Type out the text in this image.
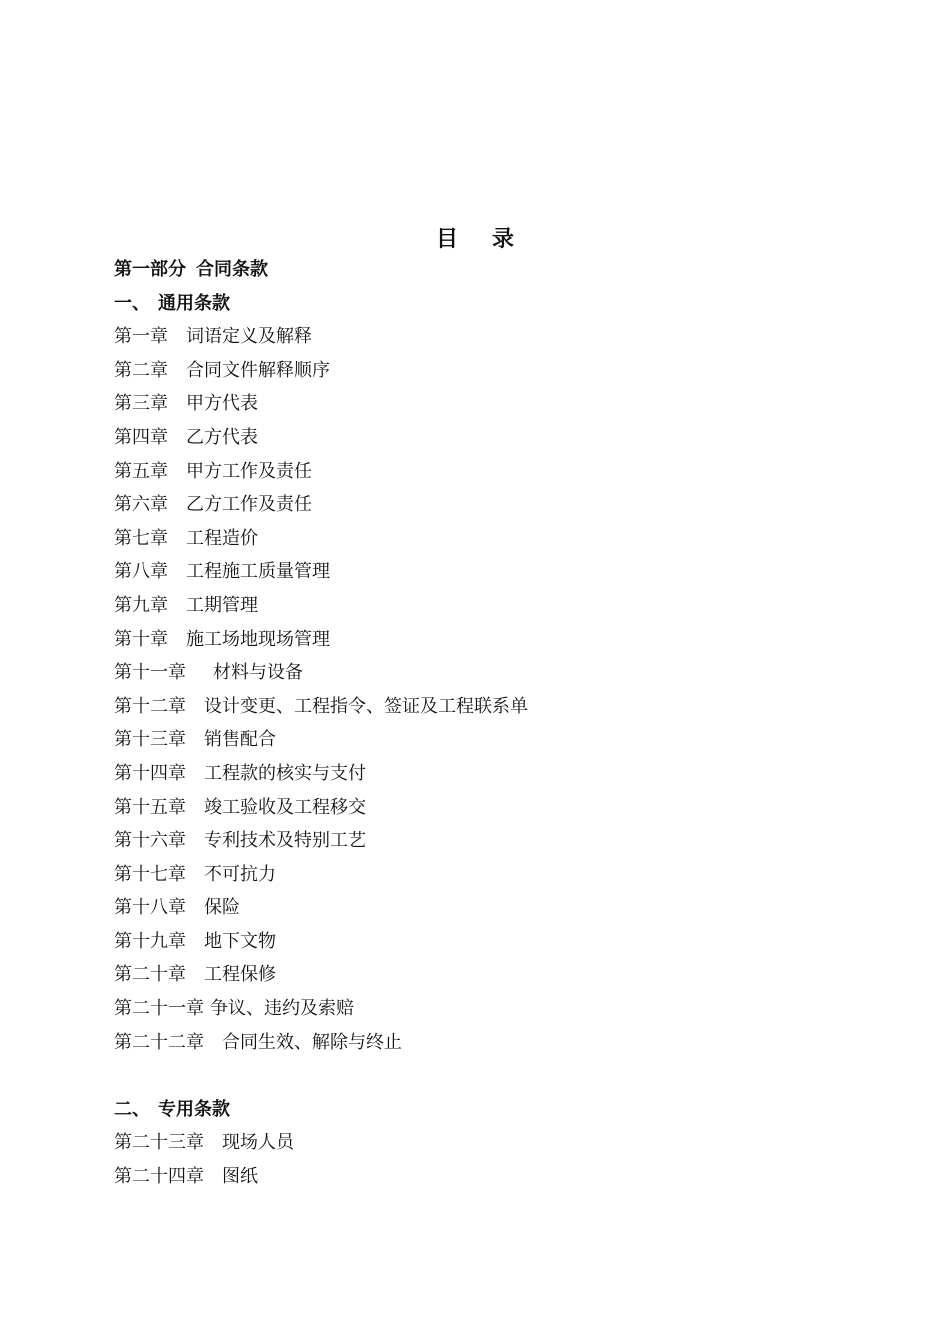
目 录
第一部分 合同条款
一、 通用条款
第一章 词语定义及解释
第二章 合同文件解释顺序
第三章 甲方代表
第四章 乙方代表
第五章 甲方工作及责任
第六章 乙方工作及责任
第七章 工程造价
第八章 工程施工质量管理
第九章 工期管理
第十章 施工场地现场管理
第十一章 材料与设备
第十二章 设计变更、工程指令、签证及工程联系单
第十三章 销售配合
第十四章 工程款的核实与支付
第十五章 竣工验收及工程移交
第十六章 专利技术及特别工艺
第十七章 不可抗力
第十八章 保险
第十九章 地下文物
第二十章 工程保修
第二十一章 争议、违约及索赔
第二十二章 合同生效、解除与终止
二、 专用条款
第二十三章 现场人员
第二十四章 图纸
